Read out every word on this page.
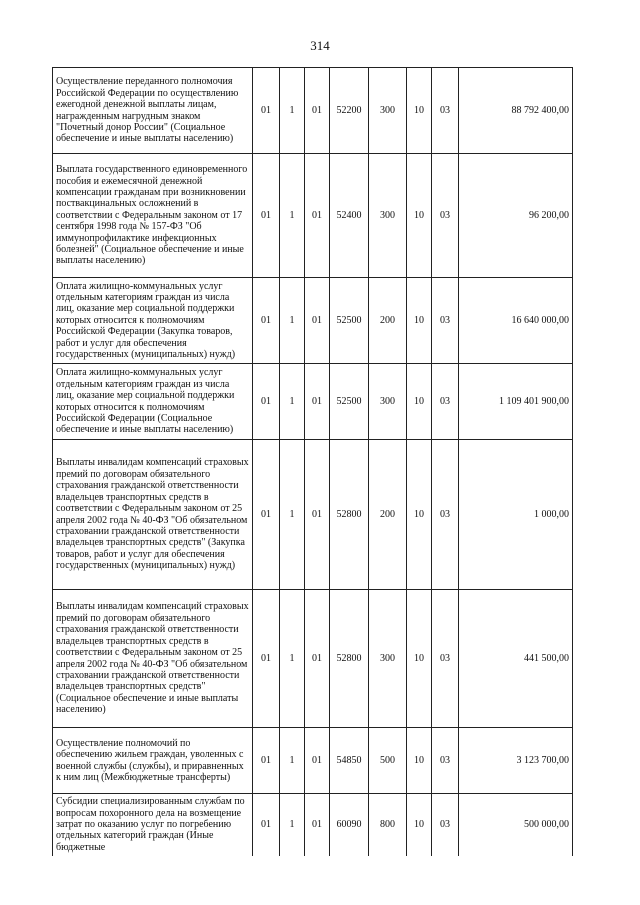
314
Осуществление переданного полномочия Российской Федерации по осуществлению ежегодной денежной выплаты лицам, награжденным нагрудным знаком "Почетный донор России" (Социальное обеспечение и иные выплаты населению)	01	1	01	52200	300	10	03	88 792 400,00
Выплата государственного единовременного пособия и ежемесячной денежной компенсации гражданам при возникновении поствакцинальных осложнений в соответствии с Федеральным законом от 17 сентября 1998 года № 157-ФЗ "Об иммунопрофилактике инфекционных болезней" (Социальное обеспечение и иные выплаты населению)	01	1	01	52400	300	10	03	96 200,00
Оплата жилищно-коммунальных услуг отдельным категориям граждан из числа лиц, оказание мер социальной поддержки которых относится к полномочиям Российской Федерации (Закупка товаров, работ и услуг для обеспечения государственных (муниципальных) нужд)	01	1	01	52500	200	10	03	16 640 000,00
Оплата жилищно-коммунальных услуг отдельным категориям граждан из числа лиц, оказание мер социальной поддержки которых относится к полномочиям Российской Федерации (Социальное обеспечение и иные выплаты населению)	01	1	01	52500	300	10	03	1 109 401 900,00
Выплаты инвалидам компенсаций страховых премий по договорам обязательного страхования гражданской ответственности владельцев транспортных средств в соответствии с Федеральным законом от 25 апреля 2002 года № 40-ФЗ "Об обязательном страховании гражданской ответственности владельцев транспортных средств" (Закупка товаров, работ и услуг для обеспечения государственных (муниципальных) нужд)	01	1	01	52800	200	10	03	1 000,00
Выплаты инвалидам компенсаций страховых премий по договорам обязательного страхования гражданской ответственности владельцев транспортных средств в соответствии с Федеральным законом от 25 апреля 2002 года № 40-ФЗ "Об обязательном страховании гражданской ответственности владельцев транспортных средств" (Социальное обеспечение и иные выплаты населению)	01	1	01	52800	300	10	03	441 500,00
Осуществление полномочий по обеспечению жильем граждан, уволенных с военной службы (службы), и приравненных к ним лиц (Межбюджетные трансферты)	01	1	01	54850	500	10	03	3 123 700,00
Субсидии специализированным службам по вопросам похоронного дела на возмещение затрат по оказанию услуг по погребению отдельных категорий граждан (Иные бюджетные	01	1	01	60090	800	10	03	500 000,00
